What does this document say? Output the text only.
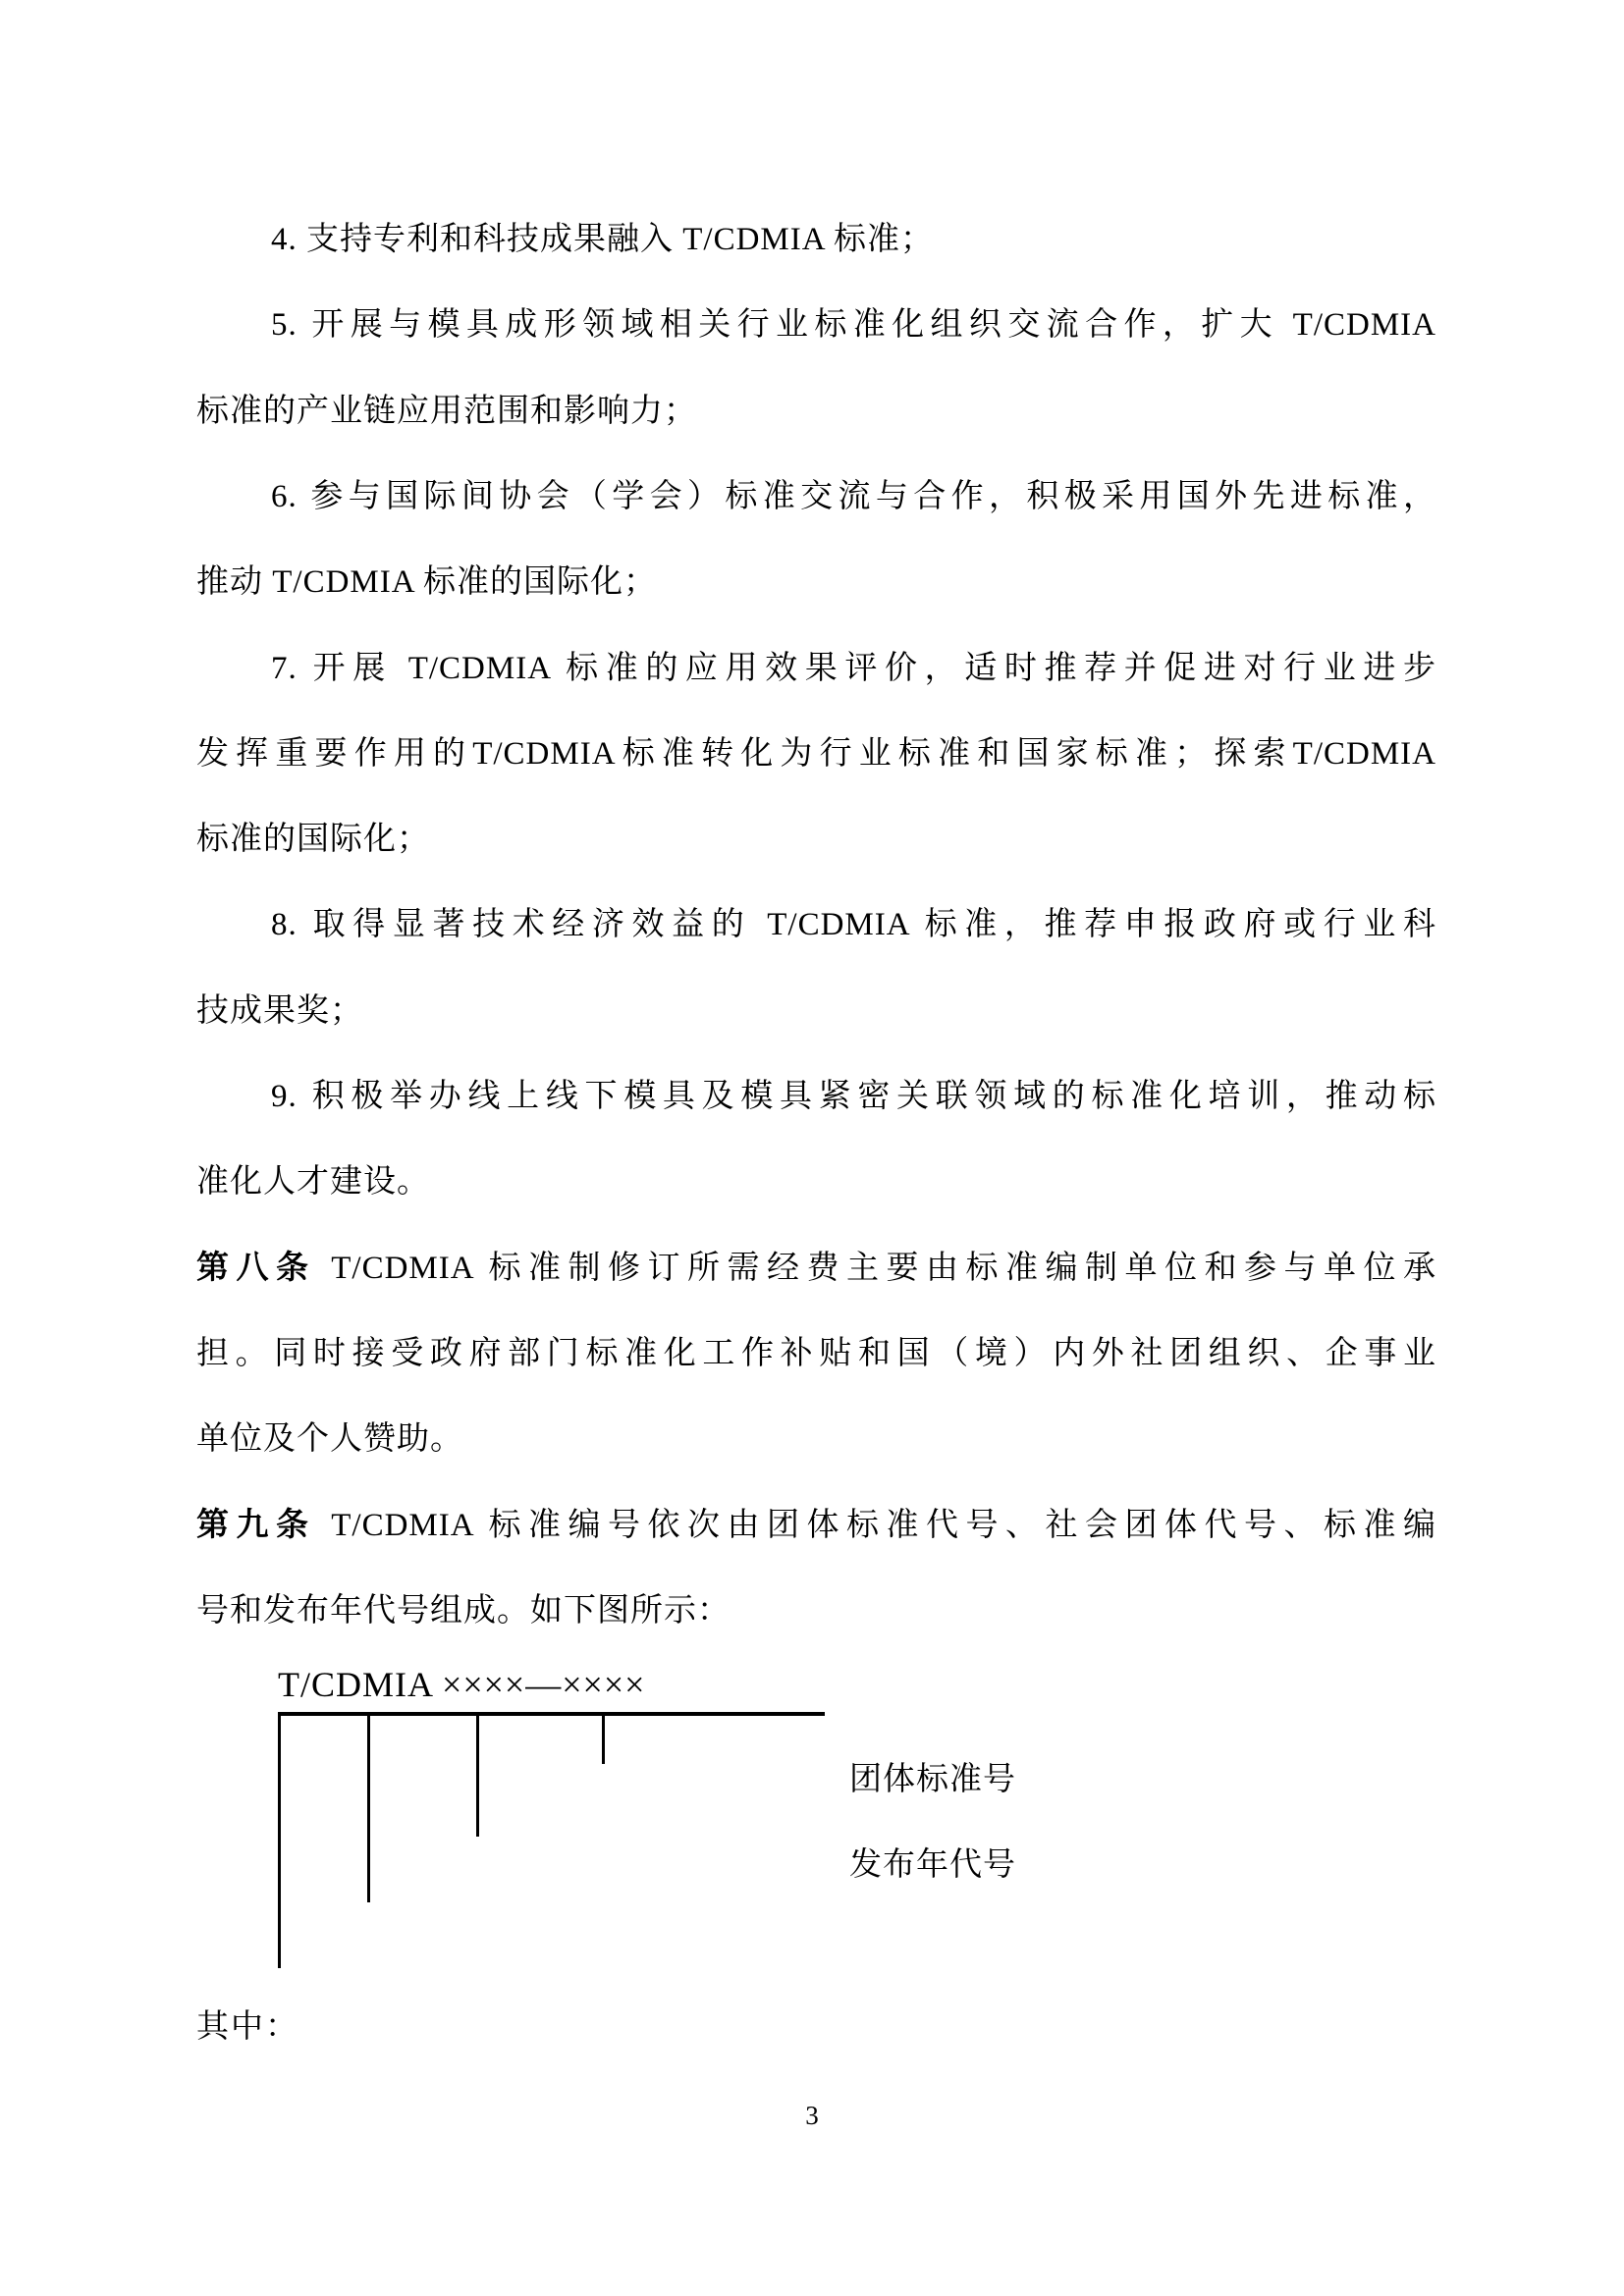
4. 支持专利和科技成果融入 T/CDMIA 标准；
5. 开展与模具成形领域相关行业标准化组织交流合作，扩大 T/CDMIA
标准的产业链应用范围和影响力；
6. 参与国际间协会（学会）标准交流与合作，积极采用国外先进标准，
推动 T/CDMIA 标准的国际化；
7. 开展 T/CDMIA 标准的应用效果评价，适时推荐并促进对行业进步
发挥重要作用的T/CDMIA标准转化为行业标准和国家标准；探索T/CDMIA
标准的国际化；
8. 取得显著技术经济效益的 T/CDMIA 标准，推荐申报政府或行业科
技成果奖；
9. 积极举办线上线下模具及模具紧密关联领域的标准化培训，推动标
准化人才建设。
第八条 T/CDMIA 标准制修订所需经费主要由标准编制单位和参与单位承
担。同时接受政府部门标准化工作补贴和国（境）内外社团组织、企事业
单位及个人赞助。
第九条 T/CDMIA 标准编号依次由团体标准代号、社会团体代号、标准编
号和发布年代号组成。如下图所示：
T/CDMIA ××××—××××
团体标准号
发布年代号
其中：
3
